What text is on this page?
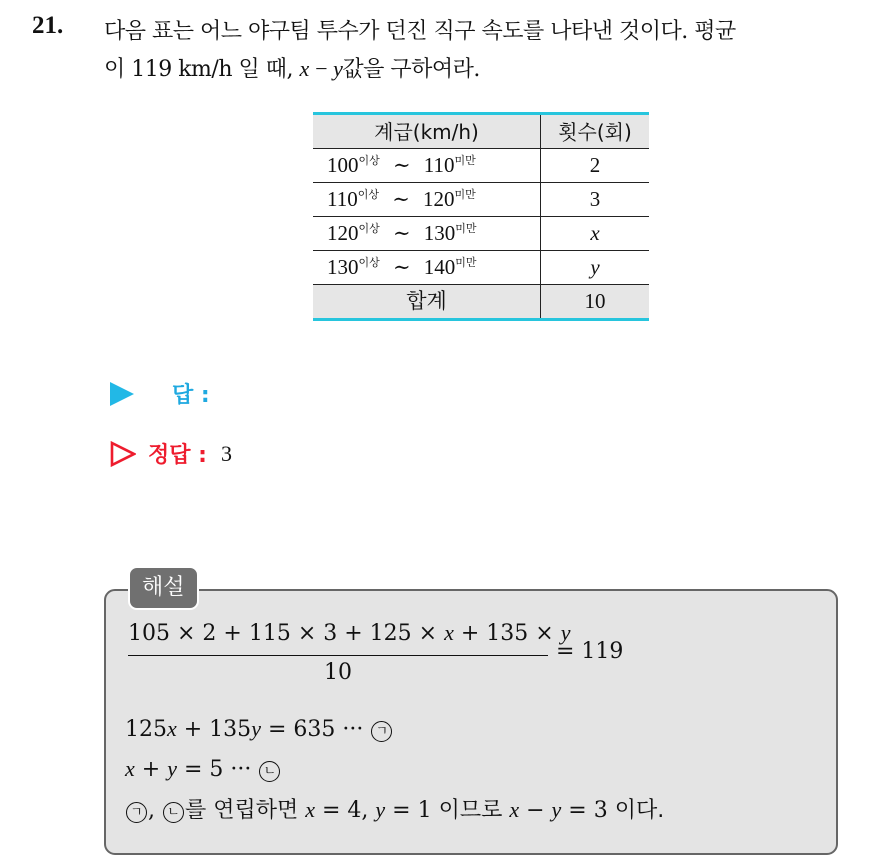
21. 다음 표는 어느 야구팀 투수가 던진 직구 속도를 나타낸 것이다. 평균
이 119 km/h 일 때, x − y값을 구하여라.
계급(km/h)	횟수(회)
$100^{이상}$ ∼ $110^{미만}$	2
$110^{이상}$ ∼ $120^{미만}$	3
$120^{이상}$ ∼ $130^{미만}$	x
$130^{이상}$ ∼ $140^{미만}$	y
합계	10
답 :
정답 : 3
해설
105 × 2 + 115 × 3 + 125 × x + 135 × y
10
= 119
125x + 135y = 635 ··· ㄱ
x + y = 5 ··· ㄴ
ㄱ , ㄴ 를 연립하면 x = 4, y = 1 이므로 x − y = 3 이다.
